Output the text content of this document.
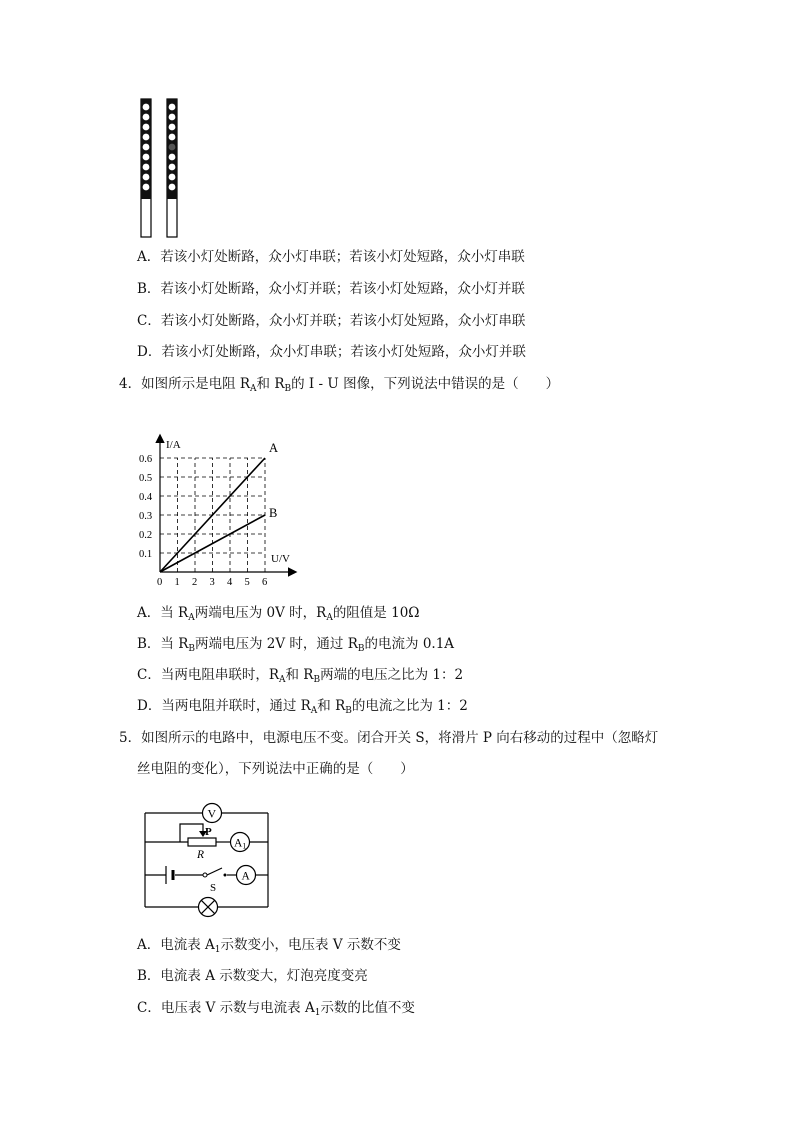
A．若该小灯处断路，众小灯串联；若该小灯处短路，众小灯串联
B．若该小灯处断路，众小灯并联；若该小灯处短路，众小灯并联
C．若该小灯处断路，众小灯并联；若该小灯处短路，众小灯串联
D．若该小灯处断路，众小灯串联；若该小灯处短路，众小灯并联
4．如图所示是电阻 $R_A$和 $R_B$的 I - U 图像，下列说法中错误的是（　　）
0.6
0.5
0.4
0.3
0.2
0.1
0 1 2 3 4 5 6
I/A
U/V
A
B
A．当 $R_A$两端电压为 0V 时，$R_A$的阻值是 10Ω
B．当 $R_B$两端电压为 2V 时，通过 $R_B$的电流为 0.1A
C．当两电阻串联时，$R_A$和 $R_B$两端的电压之比为 1：2
D．当两电阻并联时，通过 $R_A$和 $R_B$的电流之比为 1：2
5．如图所示的电路中，电源电压不变。闭合开关 S，将滑片 P 向右移动的过程中（忽略灯
丝电阻的变化），下列说法中正确的是（　　）
V
P
R
A1
S
A
A．电流表 $A_1$示数变小，电压表 V 示数不变
B．电流表 A 示数变大，灯泡亮度变亮
C．电压表 V 示数与电流表 $A_1$示数的比值不变
